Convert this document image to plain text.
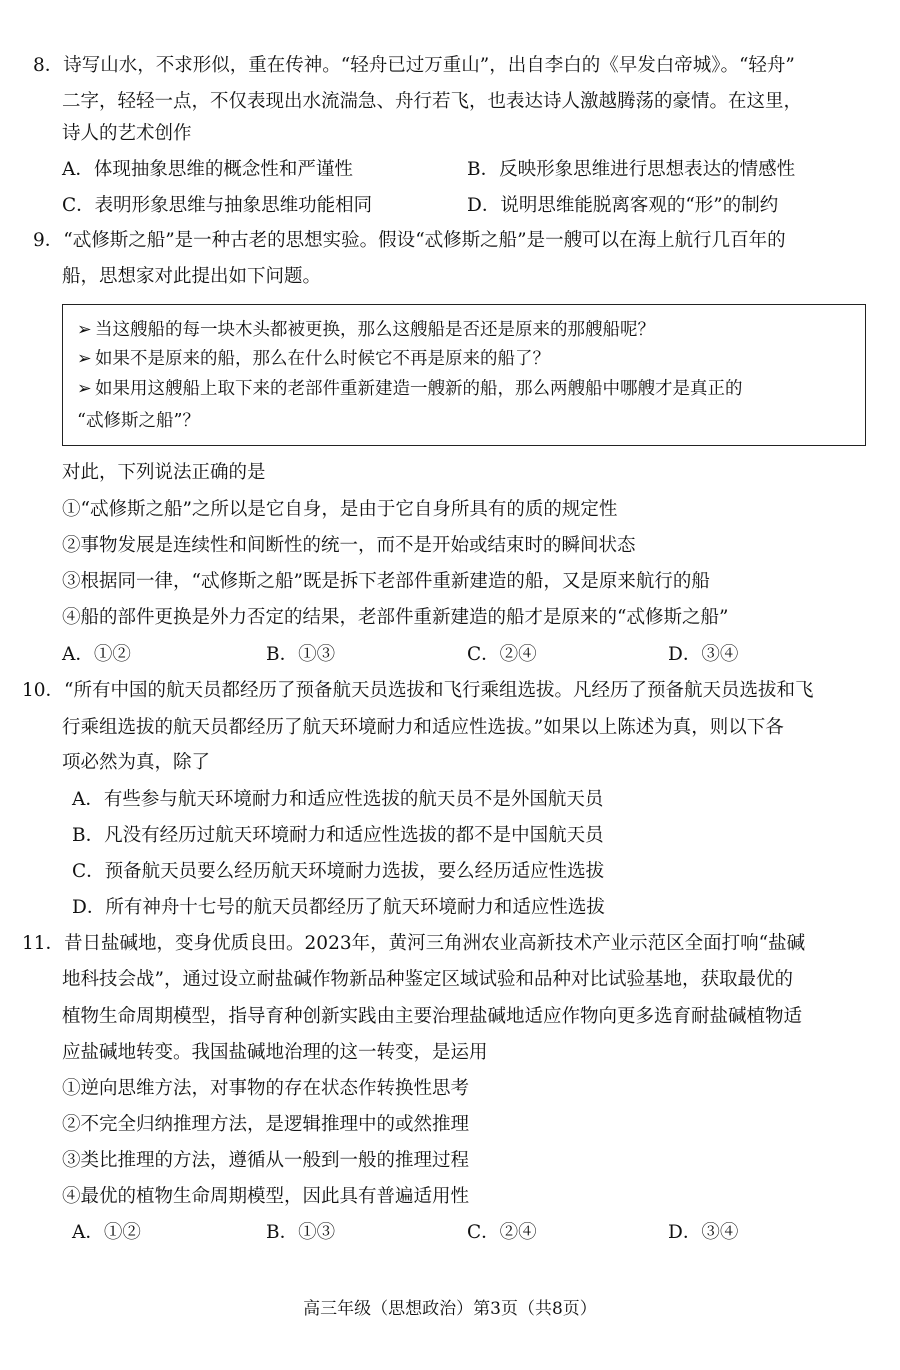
8．诗写山水，不求形似，重在传神。“轻舟已过万重山”，出自李白的《早发白帝城》。“轻舟”
二字，轻轻一点，不仅表现出水流湍急、舟行若飞，也表达诗人激越腾荡的豪情。在这里，
诗人的艺术创作
A．体现抽象思维的概念性和严谨性	B．反映形象思维进行思想表达的情感性
C．表明形象思维与抽象思维功能相同	D．说明思维能脱离客观的“形”的制约
9．“忒修斯之船”是一种古老的思想实验。假设“忒修斯之船”是一艘可以在海上航行几百年的
船，思想家对此提出如下问题。
➢ 当这艘船的每一块木头都被更换，那么这艘船是否还是原来的那艘船呢？
➢ 如果不是原来的船，那么在什么时候它不再是原来的船了？
➢ 如果用这艘船上取下来的老部件重新建造一艘新的船，那么两艘船中哪艘才是真正的
“忒修斯之船”？
对此，下列说法正确的是
①“忒修斯之船”之所以是它自身，是由于它自身所具有的质的规定性
②事物发展是连续性和间断性的统一，而不是开始或结束时的瞬间状态
③根据同一律，“忒修斯之船”既是拆下老部件重新建造的船，又是原来航行的船
④船的部件更换是外力否定的结果，老部件重新建造的船才是原来的“忒修斯之船”
A．①②	B．①③	C．②④	D．③④
10．“所有中国的航天员都经历了预备航天员选拔和飞行乘组选拔。凡经历了预备航天员选拔和飞
行乘组选拔的航天员都经历了航天环境耐力和适应性选拔。”如果以上陈述为真，则以下各
项必然为真，除了
A．有些参与航天环境耐力和适应性选拔的航天员不是外国航天员
B．凡没有经历过航天环境耐力和适应性选拔的都不是中国航天员
C．预备航天员要么经历航天环境耐力选拔，要么经历适应性选拔
D．所有神舟十七号的航天员都经历了航天环境耐力和适应性选拔
11．昔日盐碱地，变身优质良田。2023年，黄河三角洲农业高新技术产业示范区全面打响“盐碱
地科技会战”，通过设立耐盐碱作物新品种鉴定区域试验和品种对比试验基地，获取最优的
植物生命周期模型，指导育种创新实践由主要治理盐碱地适应作物向更多选育耐盐碱植物适
应盐碱地转变。我国盐碱地治理的这一转变，是运用
①逆向思维方法，对事物的存在状态作转换性思考
②不完全归纳推理方法，是逻辑推理中的或然推理
③类比推理的方法，遵循从一般到一般的推理过程
④最优的植物生命周期模型，因此具有普遍适用性
A．①②	B．①③	C．②④	D．③④
高三年级（思想政治）第3页（共8页）
